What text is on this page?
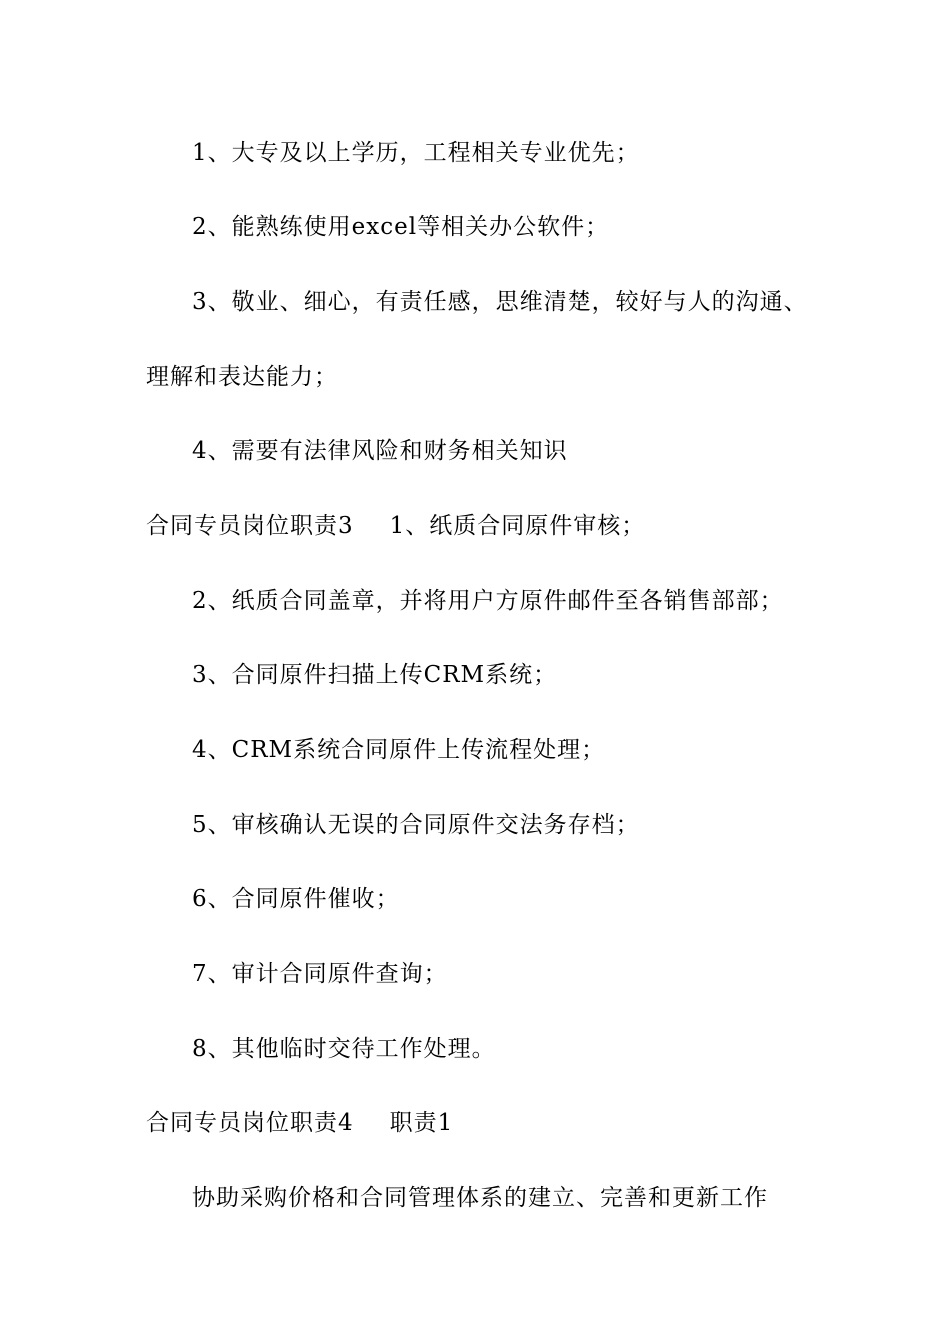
1、大专及以上学历，工程相关专业优先；
2、能熟练使用excel等相关办公软件；
3、敬业、细心，有责任感，思维清楚，较好与人的沟通、
理解和表达能力；
4、需要有法律风险和财务相关知识
合同专员岗位职责3 1、纸质合同原件审核；
2、纸质合同盖章，并将用户方原件邮件至各销售部部；
3、合同原件扫描上传CRM系统；
4、CRM系统合同原件上传流程处理；
5、审核确认无误的合同原件交法务存档；
6、合同原件催收；
7、审计合同原件查询；
8、其他临时交待工作处理。
合同专员岗位职责4 职责1
协助采购价格和合同管理体系的建立、完善和更新工作
